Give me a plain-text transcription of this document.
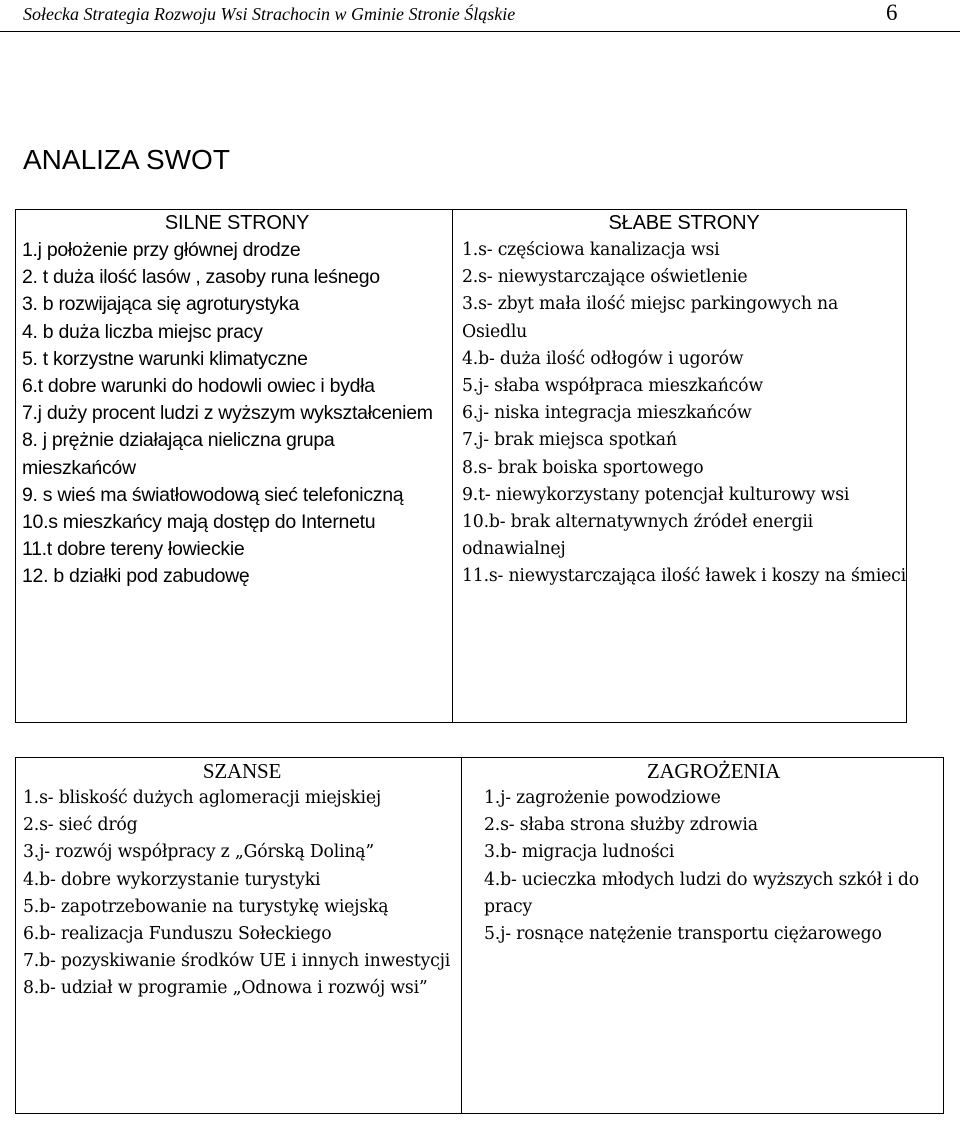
Sołecka Strategia Rozwoju Wsi Strachocin w Gminie Stronie Śląskie	6
ANALIZA SWOT
SILNE STRONY
1.j położenie przy głównej drodze
2. t duża ilość lasów , zasoby runa leśnego
3. b rozwijająca się agroturystyka
4. b duża liczba miejsc pracy
5. t korzystne warunki klimatyczne
6.t dobre warunki do hodowli owiec i bydła
7.j duży procent ludzi z wyższym wykształceniem
8. j prężnie działająca nieliczna grupa mieszkańców
9. s wieś ma światłowodową sieć telefoniczną
10.s mieszkańcy mają dostęp do Internetu
11.t dobre tereny łowieckie
12. b działki pod zabudowę

SŁABE STRONY
1.s- częściowa kanalizacja wsi
2.s- niewystarczające oświetlenie
3.s- zbyt mała ilość miejsc parkingowych na
Osiedlu
4.b- duża ilość odłogów i ugorów
5.j- słaba współpraca mieszkańców
6.j- niska integracja mieszkańców
7.j- brak miejsca spotkań
8.s- brak boiska sportowego
9.t- niewykorzystany potencjał kulturowy wsi
10.b- brak alternatywnych źródeł energii odnawialnej
11.s- niewystarczająca ilość ławek i koszy na śmieci
SZANSE
1.s- bliskość dużych aglomeracji miejskiej
2.s- sieć dróg
3.j- rozwój współpracy z „Górską Doliną”
4.b- dobre wykorzystanie turystyki
5.b- zapotrzebowanie na turystykę wiejską
6.b- realizacja Funduszu Sołeckiego
7.b- pozyskiwanie środków UE i innych inwestycji
8.b- udział w programie „Odnowa i rozwój wsi”

ZAGROŻENIA
1.j- zagrożenie powodziowe
2.s- słaba strona służby zdrowia
3.b- migracja ludności
4.b- ucieczka młodych ludzi do wyższych szkół i do pracy
5.j- rosnące natężenie transportu ciężarowego
